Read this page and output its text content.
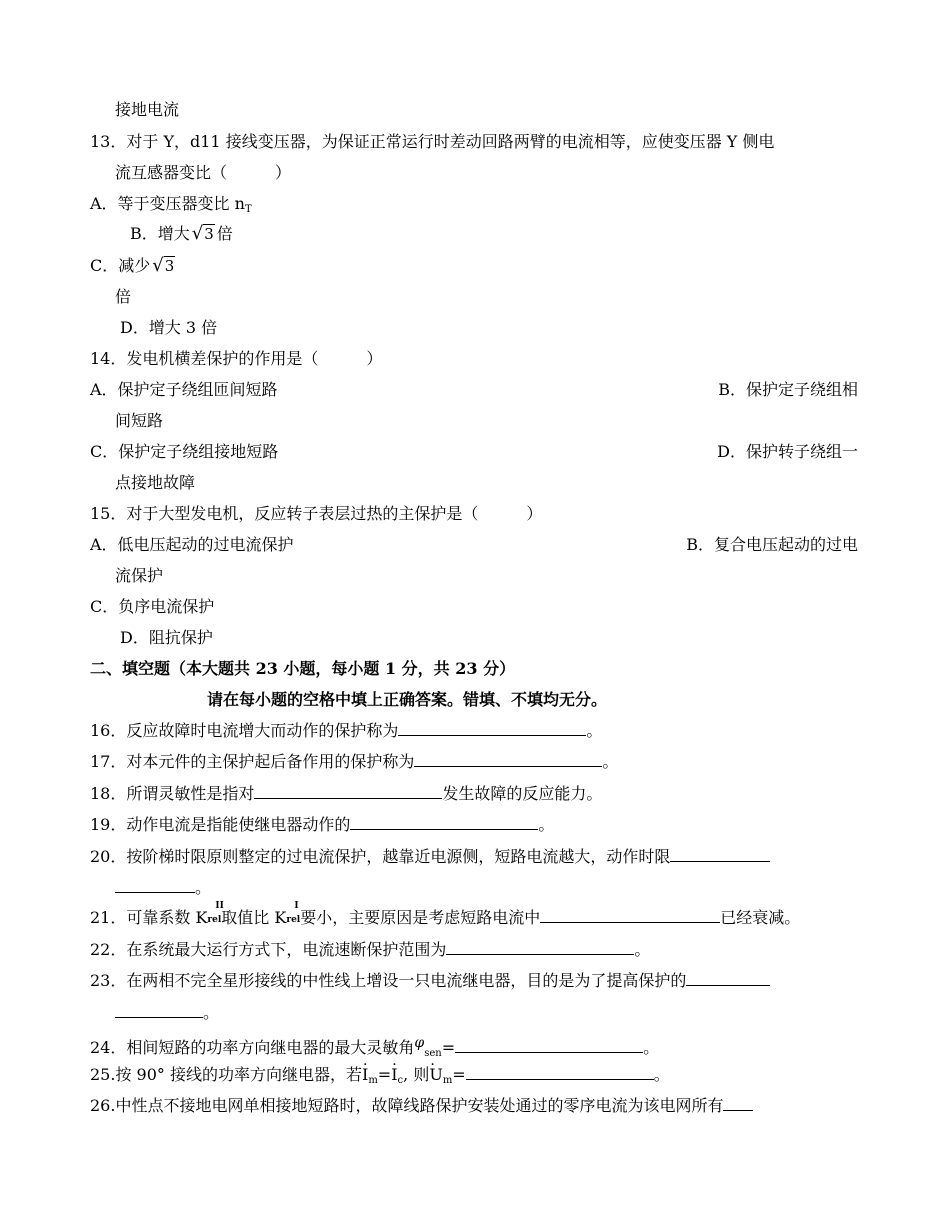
接地电流
13．对于 Y，d11 接线变压器，为保证正常运行时差动回路两臂的电流相等，应使变压器 Y 侧电
流互感器变比（　　　）
A．等于变压器变比 $n_T$
B．增大 √3 倍
C．减少 √3
倍
D．增大 3 倍
14．发电机横差保护的作用是（　　　）
A．保护定子绕组匝间短路	B．保护定子绕组相
间短路
C．保护定子绕组接地短路	D．保护转子绕组一
点接地故障
15．对于大型发电机，反应转子表层过热的主保护是（　　　）
A．低电压起动的过电流保护	B．复合电压起动的过电
流保护
C．负序电流保护
D．阻抗保护
二、填空题（本大题共 23 小题，每小题 1 分，共 23 分）
请在每小题的空格中填上正确答案。错填、不填均无分。
16．反应故障时电流增大而动作的保护称为	。
17．对本元件的主保护起后备作用的保护称为	。
18．所谓灵敏性是指对	发生故障的反应能力。
19．动作电流是指能使继电器动作的	。
20．按阶梯时限原则整定的过电流保护，越靠近电源侧，短路电流越大，动作时限
。
21．可靠系数 K
II
rel取值比 K
I
rel要小，主要原因是考虑短路电流中	已经衰减。
22．在系统最大运行方式下，电流速断保护范围为	。
23．在两相不完全星形接线的中性线上增设一只电流继电器，目的是为了提高保护的
。
24．相间短路的功率方向继电器的最大灵敏角$\varphi_{sen}=$	。
25.按 90° 接线的功率方向继电器，若· $I_m=\cdot I_c$, 则· $U_m=$	。
26.中性点不接地电网单相接地短路时，故障线路保护安装处通过的零序电流为该电网所有
